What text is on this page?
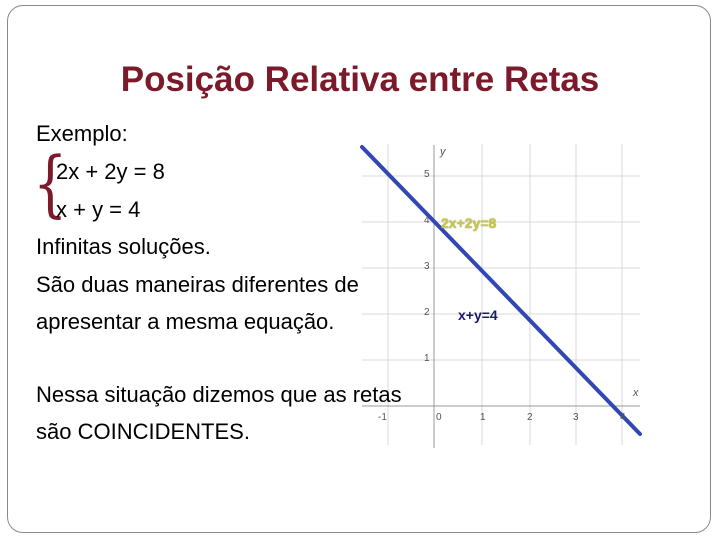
Posição Relativa entre Retas
y
x
5
4
3
2
1
-1	0	1	2	3	4
2x+2y=8
x+y=4
{
Exemplo:
2x + 2y = 8
x + y = 4
Infinitas soluções.
São duas maneiras diferentes de
apresentar a mesma equação.
Nessa situação dizemos que as retas
são COINCIDENTES.
